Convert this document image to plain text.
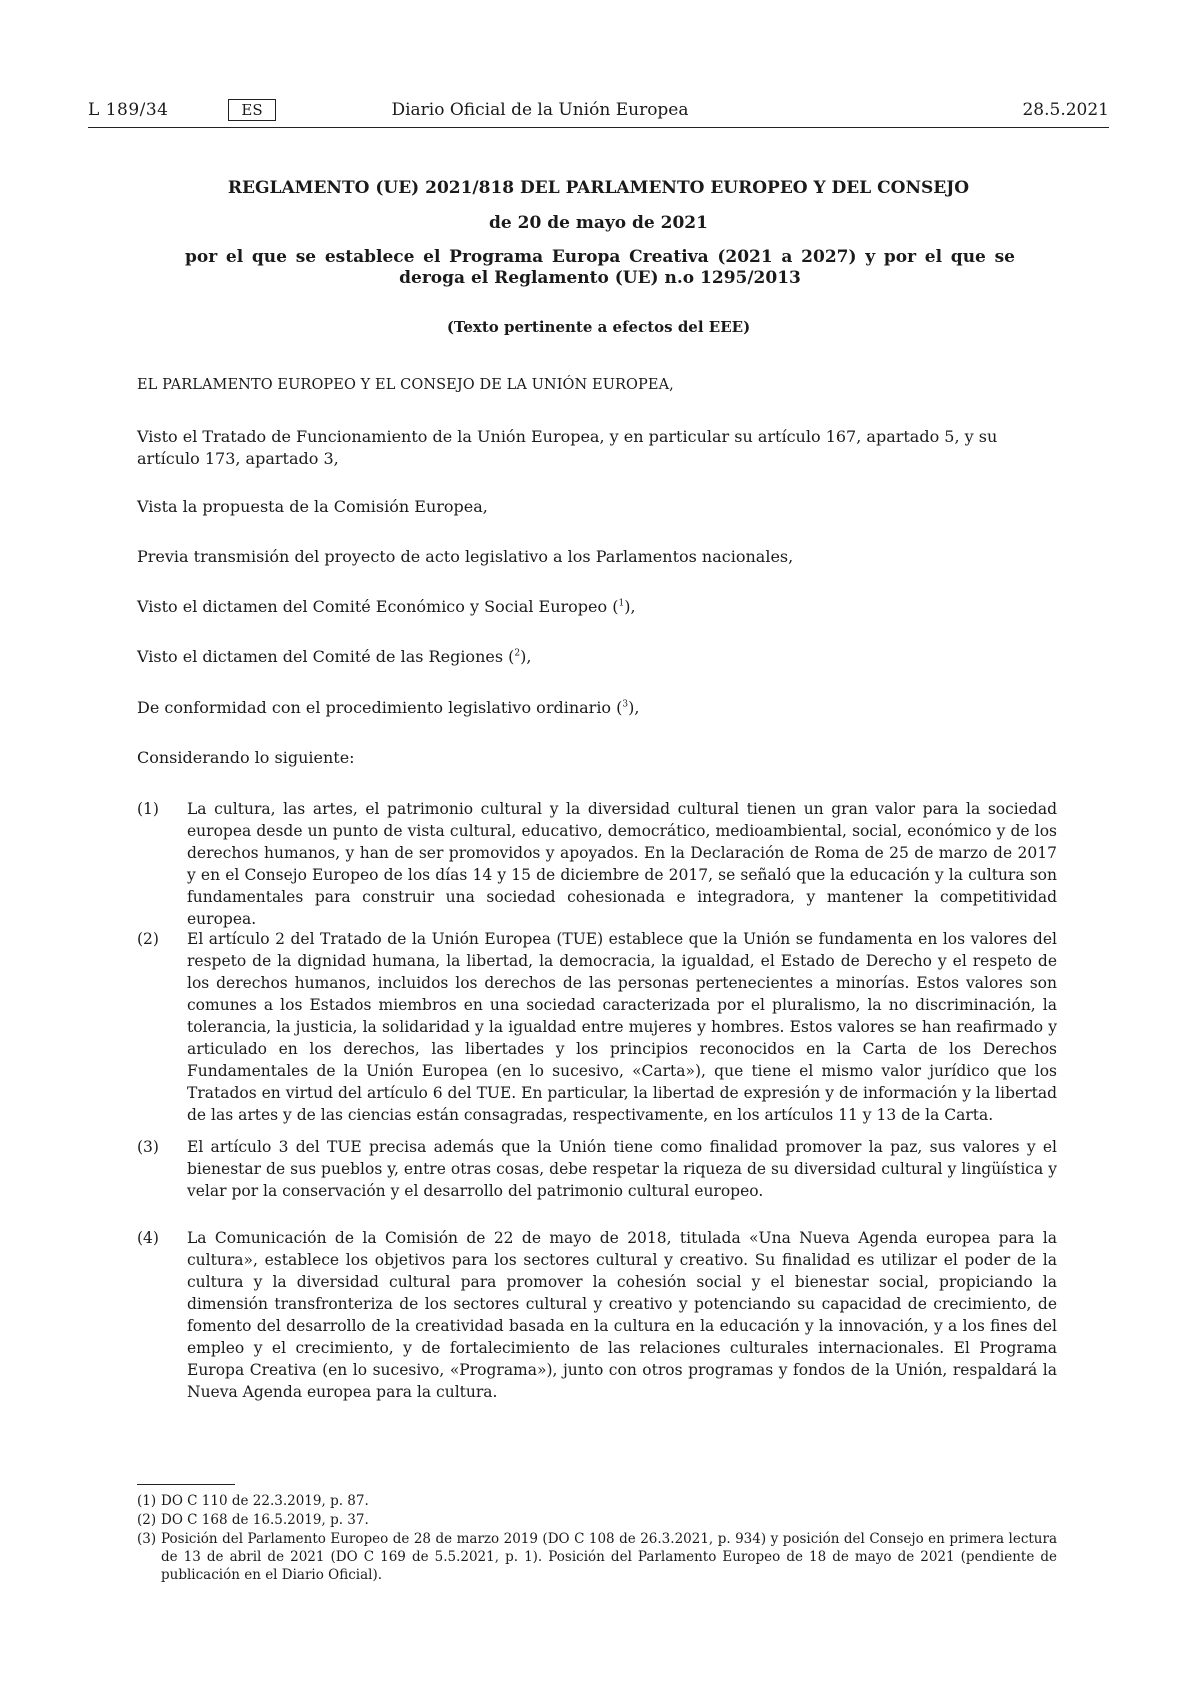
L 189/34	ES	Diario Oficial de la Unión Europea	28.5.2021
REGLAMENTO (UE) 2021/818 DEL PARLAMENTO EUROPEO Y DEL CONSEJO
de 20 de mayo de 2021
por el que se establece el Programa Europa Creativa (2021 a 2027) y por el que se deroga el Reglamento (UE) n.o 1295/2013
(Texto pertinente a efectos del EEE)
EL PARLAMENTO EUROPEO Y EL CONSEJO DE LA UNIÓN EUROPEA,
Visto el Tratado de Funcionamiento de la Unión Europea, y en particular su artículo 167, apartado 5, y su artículo 173, apartado 3,
Vista la propuesta de la Comisión Europea,
Previa transmisión del proyecto de acto legislativo a los Parlamentos nacionales,
Visto el dictamen del Comité Económico y Social Europeo ($^1$),
Visto el dictamen del Comité de las Regiones ($^2$),
De conformidad con el procedimiento legislativo ordinario ($^3$),
Considerando lo siguiente:
(1)	La cultura, las artes, el patrimonio cultural y la diversidad cultural tienen un gran valor para la sociedad europea desde un punto de vista cultural, educativo, democrático, medioambiental, social, económico y de los derechos humanos, y han de ser promovidos y apoyados. En la Declaración de Roma de 25 de marzo de 2017 y en el Consejo Europeo de los días 14 y 15 de diciembre de 2017, se señaló que la educación y la cultura son fundamentales para construir una sociedad cohesionada e integradora, y mantener la competitividad europea.
(2)	El artículo 2 del Tratado de la Unión Europea (TUE) establece que la Unión se fundamenta en los valores del respeto de la dignidad humana, la libertad, la democracia, la igualdad, el Estado de Derecho y el respeto de los derechos humanos, incluidos los derechos de las personas pertenecientes a minorías. Estos valores son comunes a los Estados miembros en una sociedad caracterizada por el pluralismo, la no discriminación, la tolerancia, la justicia, la solidaridad y la igualdad entre mujeres y hombres. Estos valores se han reafirmado y articulado en los derechos, las libertades y los principios reconocidos en la Carta de los Derechos Fundamentales de la Unión Europea (en lo sucesivo, «Carta»), que tiene el mismo valor jurídico que los Tratados en virtud del artículo 6 del TUE. En particular, la libertad de expresión y de información y la libertad de las artes y de las ciencias están consagradas, respectivamente, en los artículos 11 y 13 de la Carta.
(3)	El artículo 3 del TUE precisa además que la Unión tiene como finalidad promover la paz, sus valores y el bienestar de sus pueblos y, entre otras cosas, debe respetar la riqueza de su diversidad cultural y lingüística y velar por la conservación y el desarrollo del patrimonio cultural europeo.
(4)	La Comunicación de la Comisión de 22 de mayo de 2018, titulada «Una Nueva Agenda europea para la cultura», establece los objetivos para los sectores cultural y creativo. Su finalidad es utilizar el poder de la cultura y la diversidad cultural para promover la cohesión social y el bienestar social, propiciando la dimensión transfronteriza de los sectores cultural y creativo y potenciando su capacidad de crecimiento, de fomento del desarrollo de la creatividad basada en la cultura en la educación y la innovación, y a los fines del empleo y el crecimiento, y de fortalecimiento de las relaciones culturales internacionales. El Programa Europa Creativa (en lo sucesivo, «Programa»), junto con otros programas y fondos de la Unión, respaldará la Nueva Agenda europea para la cultura.
(1) DO C 110 de 22.3.2019, p. 87.
(2) DO C 168 de 16.5.2019, p. 37.
(3) Posición del Parlamento Europeo de 28 de marzo 2019 (DO C 108 de 26.3.2021, p. 934) y posición del Consejo en primera lectura de 13 de abril de 2021 (DO C 169 de 5.5.2021, p. 1). Posición del Parlamento Europeo de 18 de mayo de 2021 (pendiente de publicación en el Diario Oficial).
